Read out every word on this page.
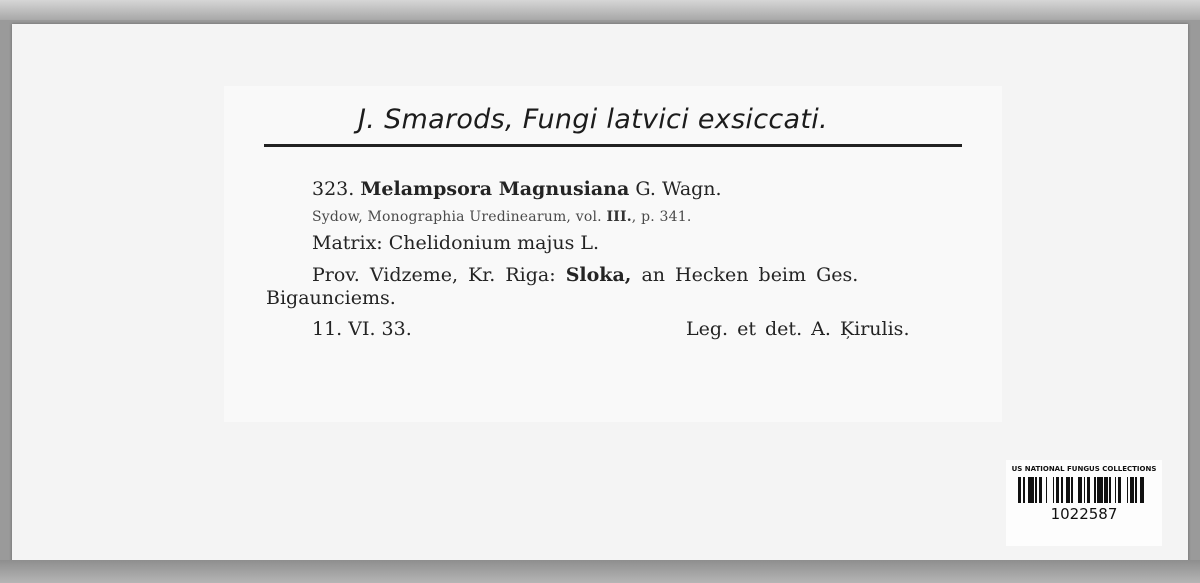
J. Smarods, Fungi latvici exsiccati.
323. Melampsora Magnusiana G. Wagn.
Sydow, Monographia Uredinearum, vol. III., p. 341.
Matrix: Chelidonium majus L.
Prov. Vidzeme, Kr. Riga: Sloka, an Hecken beim Ges.
Bigaunciems.
11. VI. 33.	Leg. et det. A. Ķirulis.
US NATIONAL FUNGUS COLLECTIONS
1022587
